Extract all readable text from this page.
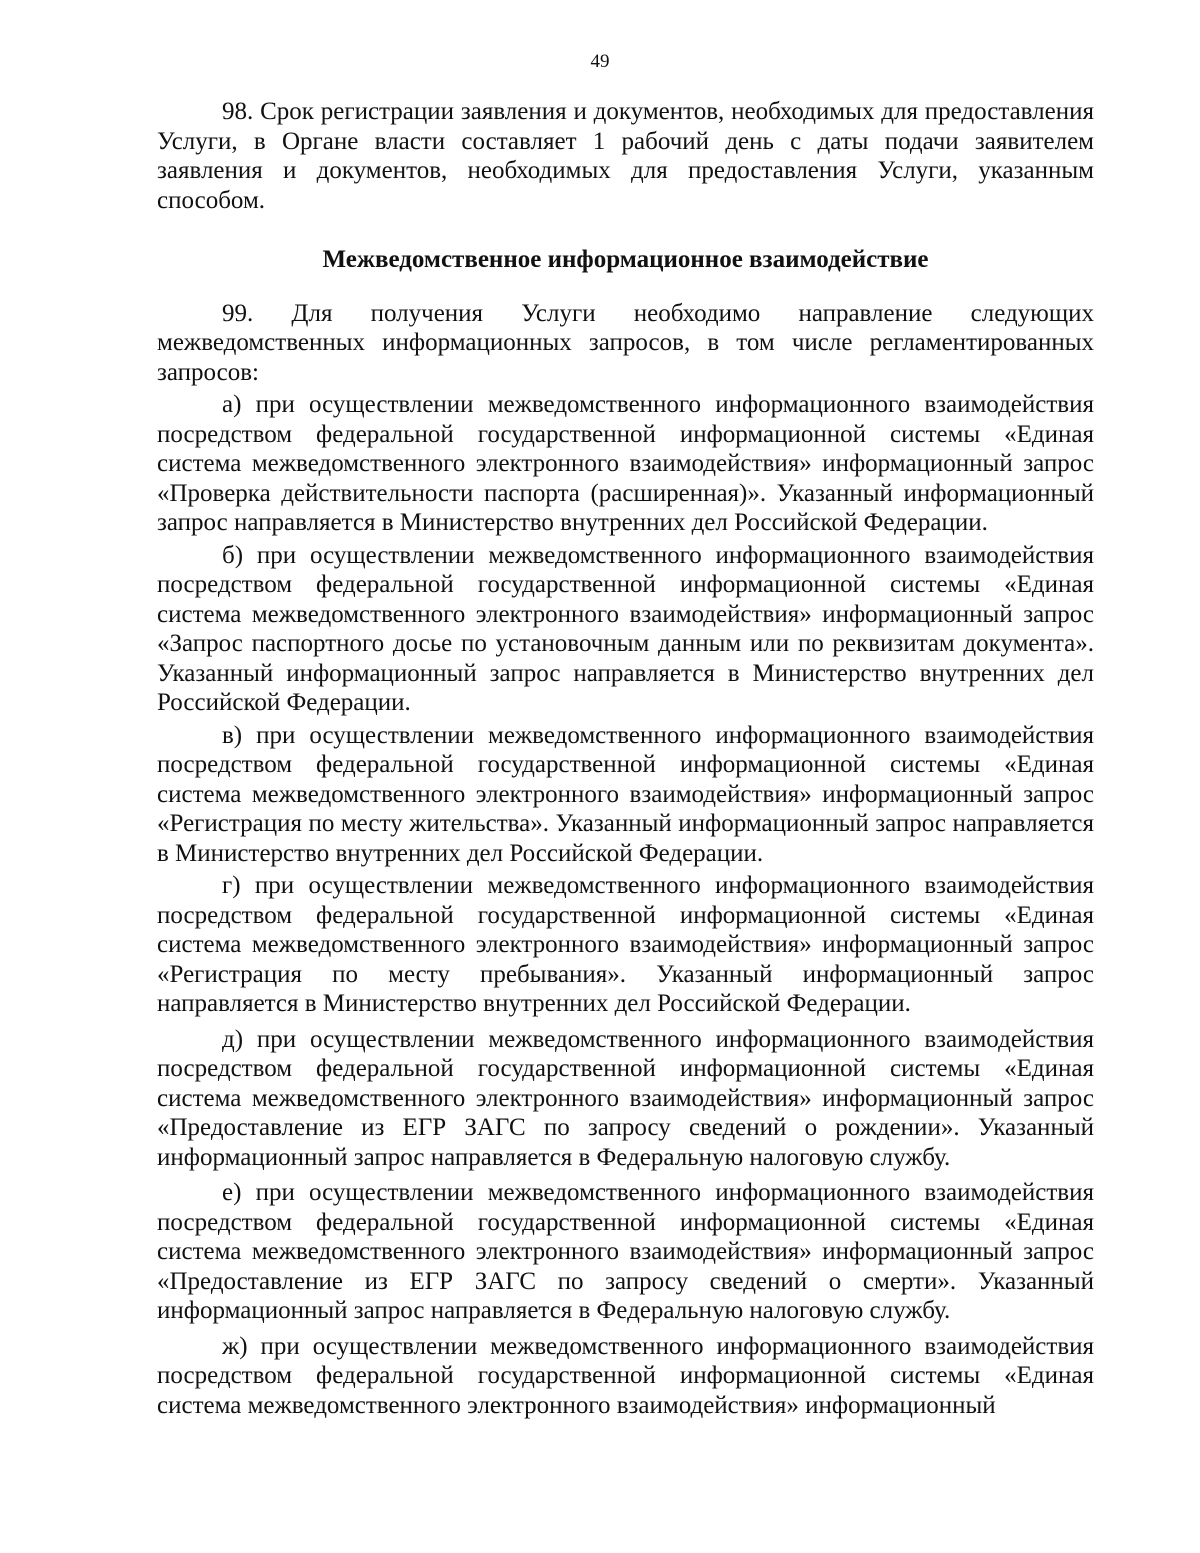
49

98. Срок регистрации заявления и документов, необходимых для предоставления Услуги, в Органе власти составляет 1 рабочий день с даты подачи заявителем заявления и документов, необходимых для предоставления Услуги, указанным способом.

Межведомственное информационное взаимодействие

99. Для получения Услуги необходимо направление следующих межведомственных информационных запросов, в том числе регламентированных запросов:

а) при осуществлении межведомственного информационного взаимодействия посредством федеральной государственной информационной системы «Единая система межведомственного электронного взаимодействия» информационный запрос «Проверка действительности паспорта (расширенная)». Указанный информационный запрос направляется в Министерство внутренних дел Российской Федерации.

б) при осуществлении межведомственного информационного взаимодействия посредством федеральной государственной информационной системы «Единая система межведомственного электронного взаимодействия» информационный запрос «Запрос паспортного досье по установочным данным или по реквизитам документа». Указанный информационный запрос направляется в Министерство внутренних дел Российской Федерации.

в) при осуществлении межведомственного информационного взаимодействия посредством федеральной государственной информационной системы «Единая система межведомственного электронного взаимодействия» информационный запрос «Регистрация по месту жительства». Указанный информационный запрос направляется в Министерство внутренних дел Российской Федерации.

г) при осуществлении межведомственного информационного взаимодействия посредством федеральной государственной информационной системы «Единая система межведомственного электронного взаимодействия» информационный запрос «Регистрация по месту пребывания». Указанный информационный запрос направляется в Министерство внутренних дел Российской Федерации.

д) при осуществлении межведомственного информационного взаимодействия посредством федеральной государственной информационной системы «Единая система межведомственного электронного взаимодействия» информационный запрос «Предоставление из ЕГР ЗАГС по запросу сведений о рождении». Указанный информационный запрос направляется в Федеральную налоговую службу.

е) при осуществлении межведомственного информационного взаимодействия посредством федеральной государственной информационной системы «Единая система межведомственного электронного взаимодействия» информационный запрос «Предоставление из ЕГР ЗАГС по запросу сведений о смерти». Указанный информационный запрос направляется в Федеральную налоговую службу.

ж) при осуществлении межведомственного информационного взаимодействия посредством федеральной государственной информационной системы «Единая система межведомственного электронного взаимодействия» информационный
